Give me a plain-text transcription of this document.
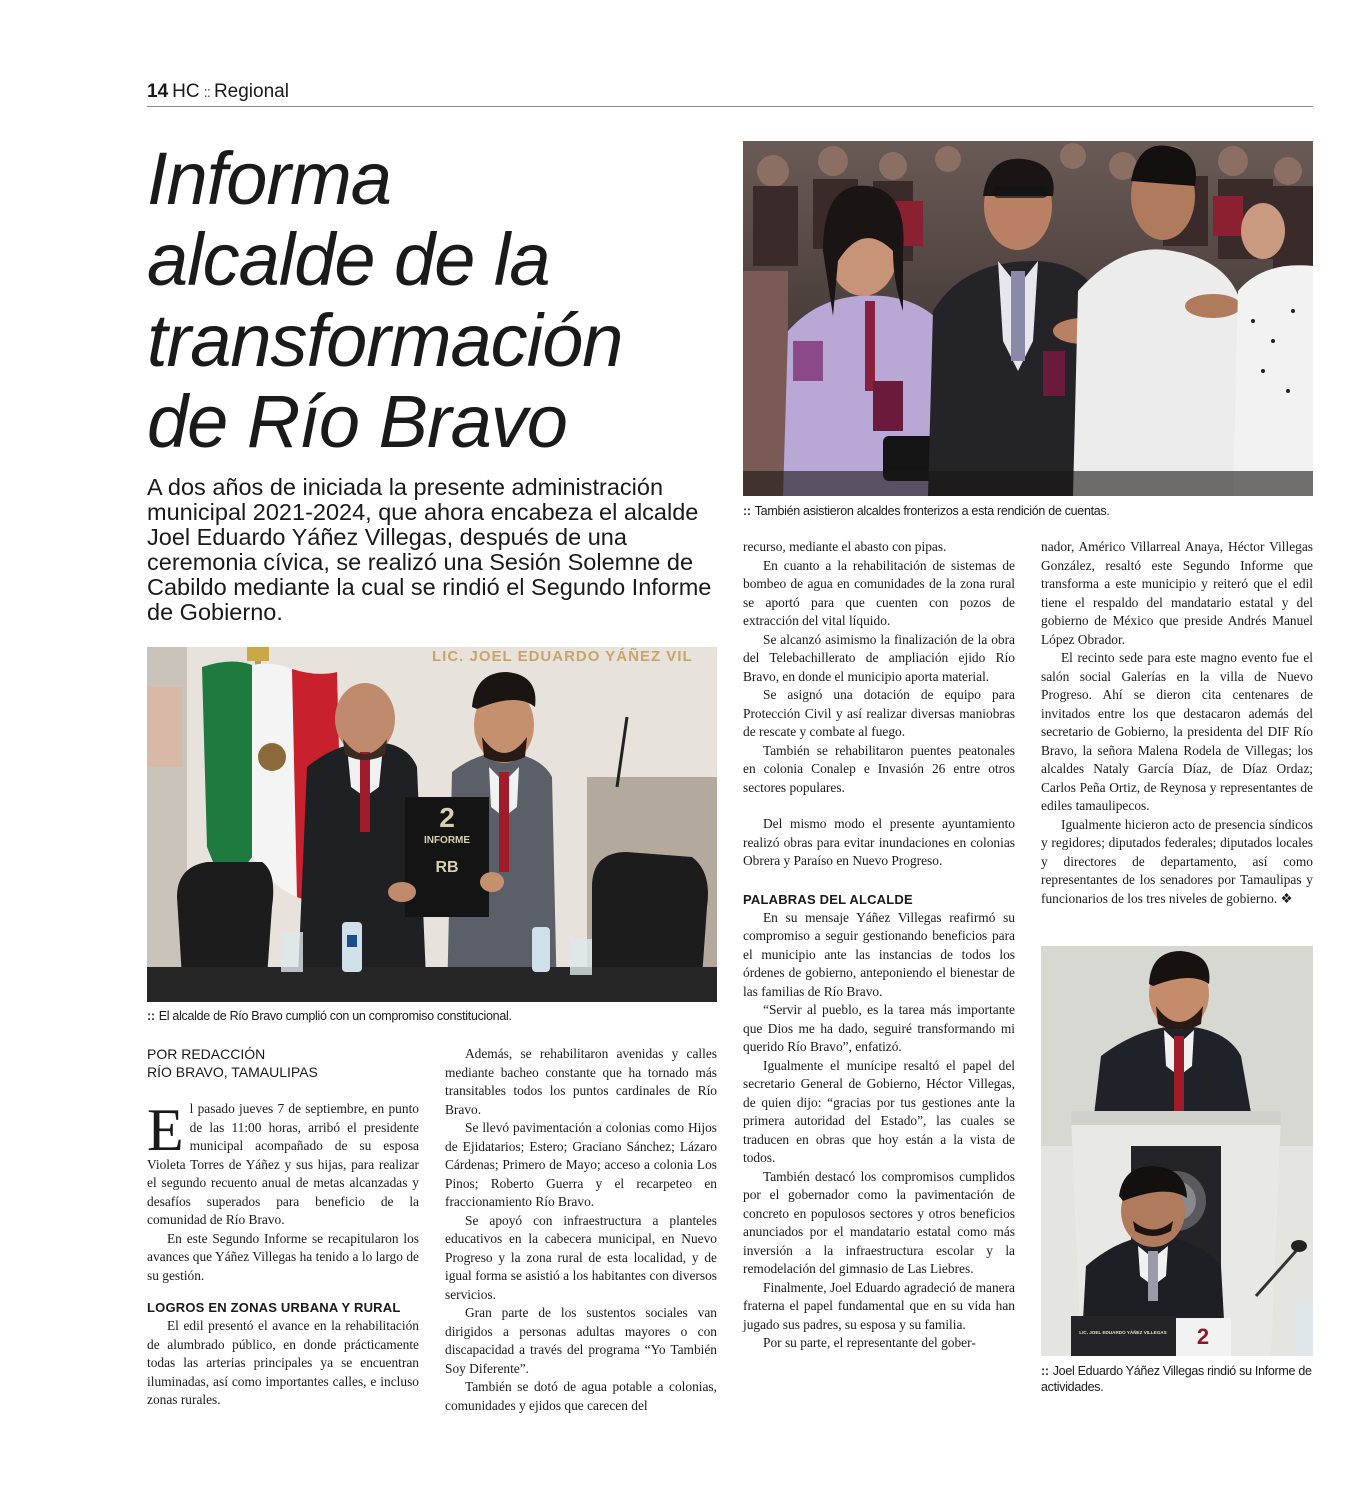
14 HC :: Regional
Informa
alcalde de la
transformación
de Río Bravo
A dos años de iniciada la presente administración municipal 2021-2024, que ahora encabeza el alcalde Joel Eduardo Yáñez Villegas, después de una ceremonia cívica, se realizó una Sesión Solemne de Cabildo mediante la cual se rindió el Segundo Informe de Gobierno.
:: También asistieron alcaldes fronterizos a esta rendición de cuentas.
LIC. JOEL EDUARDO YÁÑEZ VIL
2
INFORME
RB
:: El alcalde de Río Bravo cumplió con un compromiso constitucional.
LIC. JOEL EDUARDO YÁÑEZ VILLEGAS 2
:: Joel Eduardo Yáñez Villegas rindió su Informe de actividades.
POR REDACCIÓN
RÍO BRAVO, TAMAULIPAS

El pasado jueves 7 de septiembre, en punto de las 11:00 horas, arribó el presidente municipal acompañado de su esposa Violeta Torres de Yáñez y sus hijas, para realizar el segundo recuento anual de metas alcanzadas y desafíos superados para beneficio de la comunidad de Río Bravo.

En este Segundo Informe se recapitularon los avances que Yáñez Villegas ha tenido a lo largo de su gestión.

LOGROS EN ZONAS URBANA Y RURAL

El edil presentó el avance en la rehabilitación de alumbrado público, en donde prácticamente todas las arterias principales ya se encuentran iluminadas, así como importantes calles, e incluso zonas rurales.

Además, se rehabilitaron avenidas y calles mediante bacheo constante que ha tornado más transitables todos los puntos cardinales de Río Bravo.

Se llevó pavimentación a colonias como Hijos de Ejidatarios; Estero; Graciano Sánchez; Lázaro Cárdenas; Primero de Mayo; acceso a colonia Los Pinos; Roberto Guerra y el recarpeteo en fraccionamiento Río Bravo.

Se apoyó con infraestructura a planteles educativos en la cabecera municipal, en Nuevo Progreso y la zona rural de esta localidad, y de igual forma se asistió a los habitantes con diversos servicios.

Gran parte de los sustentos sociales van dirigidos a personas adultas mayores o con discapacidad a través del programa “Yo También Soy Diferente”.

También se dotó de agua potable a colonias, comunidades y ejidos que carecen del

recurso, mediante el abasto con pipas.

En cuanto a la rehabilitación de sistemas de bombeo de agua en comunidades de la zona rural se aportó para que cuenten con pozos de extracción del vital líquido.

Se alcanzó asimismo la finalización de la obra del Telebachillerato de ampliación ejido Río Bravo, en donde el municipio aporta material.

Se asignó una dotación de equipo para Protección Civil y así realizar diversas maniobras de rescate y combate al fuego.

También se rehabilitaron puentes peatonales en colonia Conalep e Invasión 26 entre otros sectores populares.

Del mismo modo el presente ayuntamiento realizó obras para evitar inundaciones en colonias Obrera y Paraíso en Nuevo Progreso.

PALABRAS DEL ALCALDE

En su mensaje Yáñez Villegas reafirmó su compromiso a seguir gestionando beneficios para el municipio ante las instancias de todos los órdenes de gobierno, anteponiendo el bienestar de las familias de Río Bravo.

“Servir al pueblo, es la tarea más importante que Dios me ha dado, seguiré transformando mi querido Río Bravo”, enfatizó.

Igualmente el munícipe resaltó el papel del secretario General de Gobierno, Héctor Villegas, de quien dijo: “gracias por tus gestiones ante la primera autoridad del Estado”, las cuales se traducen en obras que hoy están a la vista de todos.

También destacó los compromisos cumplidos por el gobernador como la pavimentación de concreto en populosos sectores y otros beneficios anunciados por el mandatario estatal como más inversión a la infraestructura escolar y la remodelación del gimnasio de Las Liebres.

Finalmente, Joel Eduardo agradeció de manera fraterna el papel fundamental que en su vida han jugado sus padres, su esposa y su familia.

Por su parte, el representante del gober-

nador, Américo Villarreal Anaya, Héctor Villegas González, resaltó este Segundo Informe que transforma a este municipio y reiteró que el edil tiene el respaldo del mandatario estatal y del gobierno de México que preside Andrés Manuel López Obrador.

El recinto sede para este magno evento fue el salón social Galerías en la villa de Nuevo Progreso. Ahí se dieron cita centenares de invitados entre los que destacaron además del secretario de Gobierno, la presidenta del DIF Río Bravo, la señora Malena Rodela de Villegas; los alcaldes Nataly García Díaz, de Díaz Ordaz; Carlos Peña Ortiz, de Reynosa y representantes de ediles tamaulipecos.

Igualmente hicieron acto de presencia síndicos y regidores; diputados federales; diputados locales y directores de departamento, así como representantes de los senadores por Tamaulipas y funcionarios de los tres niveles de gobierno. ❖
